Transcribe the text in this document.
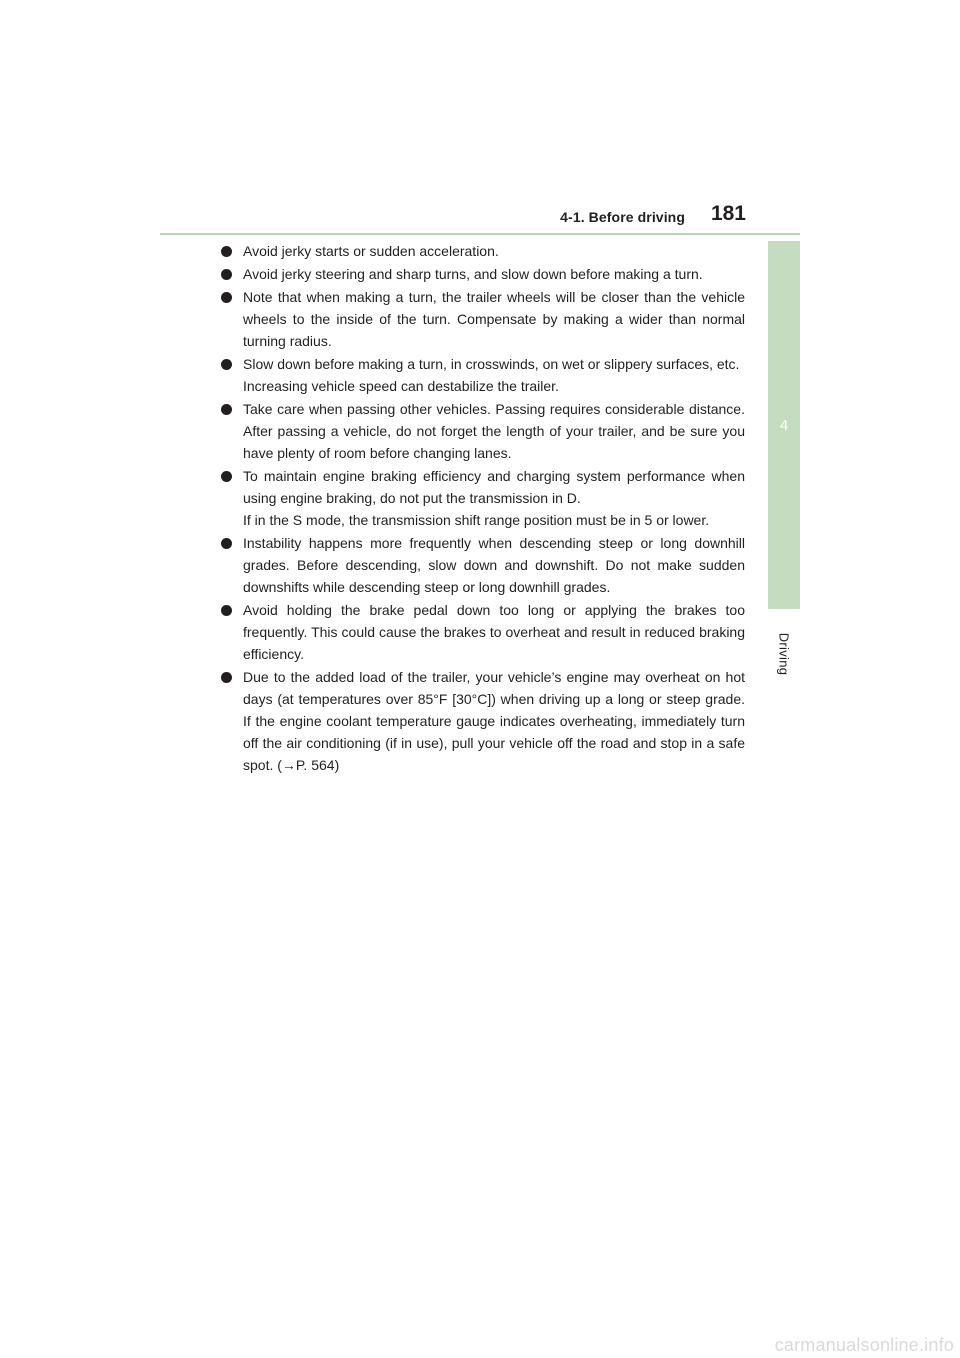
4-1. Before driving 181
4
Driving
Avoid jerky starts or sudden acceleration.
Avoid jerky steering and sharp turns, and slow down before making a turn.
Note that when making a turn, the trailer wheels will be closer than the vehicle wheels to the inside of the turn. Compensate by making a wider than normal turning radius.
Slow down before making a turn, in crosswinds, on wet or slippery surfaces, etc.
Increasing vehicle speed can destabilize the trailer.
Take care when passing other vehicles. Passing requires considerable distance. After passing a vehicle, do not forget the length of your trailer, and be sure you have plenty of room before changing lanes.
To maintain engine braking efficiency and charging system performance when using engine braking, do not put the transmission in D.
If in the S mode, the transmission shift range position must be in 5 or lower.
Instability happens more frequently when descending steep or long downhill grades. Before descending, slow down and downshift. Do not make sudden downshifts while descending steep or long downhill grades.
Avoid holding the brake pedal down too long or applying the brakes too frequently. This could cause the brakes to overheat and result in reduced braking efficiency.
Due to the added load of the trailer, your vehicle’s engine may overheat on hot days (at temperatures over 85°F [30°C]) when driving up a long or steep grade. If the engine coolant temperature gauge indicates overheating, immediately turn off the air conditioning (if in use), pull your vehicle off the road and stop in a safe spot. (→P. 564)
carmanualsonline.info
